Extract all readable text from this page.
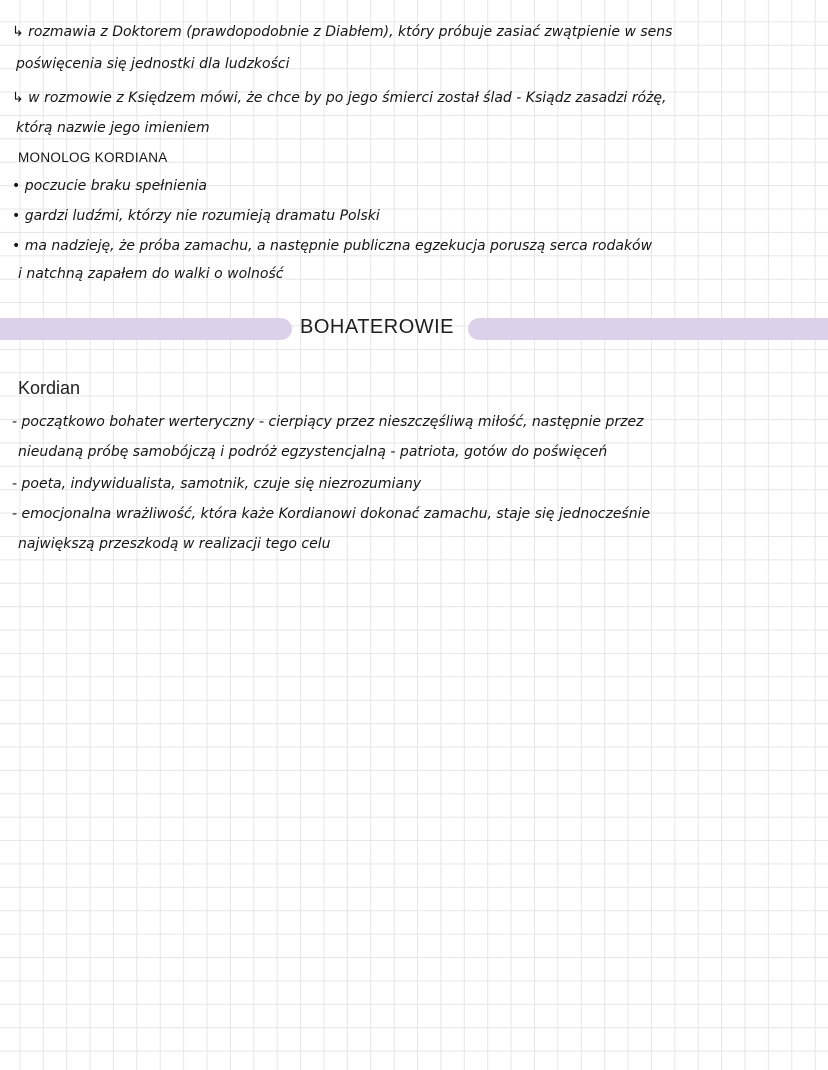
↳ rozmawia z Doktorem (prawdopodobnie z Diabłem), który próbuje zasiać zwątpienie w sens
poświęcenia się jednostki dla ludzkości
↳ w rozmowie z Księdzem mówi, że chce by po jego śmierci został ślad - Ksiądz zasadzi różę,
którą nazwie jego imieniem
MONOLOG KORDIANA
• poczucie braku spełnienia
• gardzi ludźmi, którzy nie rozumieją dramatu Polski
• ma nadzieję, że próba zamachu, a następnie publiczna egzekucja poruszą serca rodaków
i natchną zapałem do walki o wolność
BOHATEROWIE
Kordian
- początkowo bohater werteryczny - cierpiący przez nieszczęśliwą miłość, następnie przez
nieudaną próbę samobójczą i podróż egzystencjalną - patriota, gotów do poświęceń
- poeta, indywidualista, samotnik, czuje się niezrozumiany
- emocjonalna wrażliwość, która każe Kordianowi dokonać zamachu, staje się jednocześnie
największą przeszkodą w realizacji tego celu
